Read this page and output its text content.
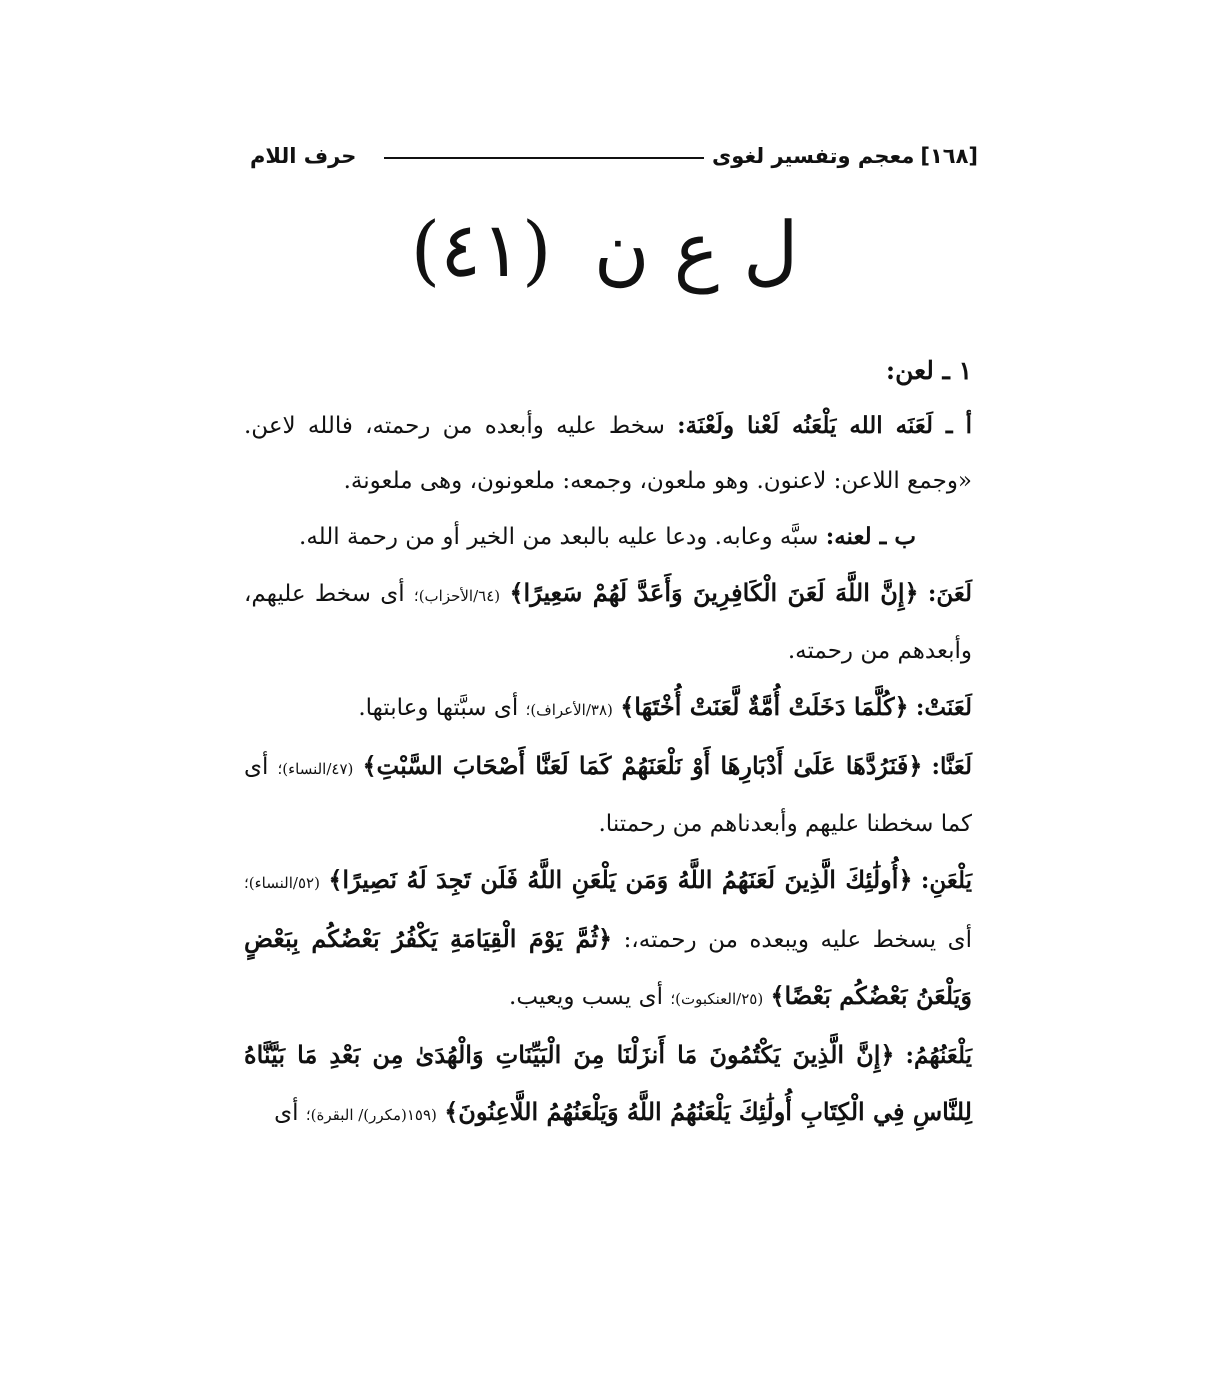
[١٦٨]
معجم وتفسير لغوى
حرف اللام
ل ع ن (٤١)

١ ـ لعن:

أ ـ لَعَنَه الله يَلْعَنُه لَعْنا ولَعْنَة: سخط عليه وأبعده من رحمته، فالله لاعن. «وجمع اللاعن: لاعنون. وهو ملعون، وجمعه: ملعونون، وهى ملعونة.

ب ـ لعنه: سبَّه وعابه. ودعا عليه بالبعد من الخير أو من رحمة الله.

لَعَنَ: ﴿إِنَّ اللَّهَ لَعَنَ الْكَافِرِينَ وَأَعَدَّ لَهُمْ سَعِيرًا﴾ (٦٤/الأحزاب)؛ أى سخط عليهم، وأبعدهم من رحمته.

لَعَنَتْ: ﴿كُلَّمَا دَخَلَتْ أُمَّةٌ لَّعَنَتْ أُخْتَهَا﴾ (٣٨/الأعراف)؛ أى سبَّتها وعابتها.

لَعَنَّا: ﴿فَنَرُدَّهَا عَلَىٰ أَدْبَارِهَا أَوْ نَلْعَنَهُمْ كَمَا لَعَنَّا أَصْحَابَ السَّبْتِ﴾ (٤٧/النساء)؛ أى كما سخطنا عليهم وأبعدناهم من رحمتنا.

يَلْعَنِ: ﴿أُولَٰئِكَ الَّذِينَ لَعَنَهُمُ اللَّهُ وَمَن يَلْعَنِ اللَّهُ فَلَن تَجِدَ لَهُ نَصِيرًا﴾ (٥٢/النساء)؛ أى يسخط عليه ويبعده من رحمته،: ﴿ثُمَّ يَوْمَ الْقِيَامَةِ يَكْفُرُ بَعْضُكُم بِبَعْضٍ وَيَلْعَنُ بَعْضُكُم بَعْضًا﴾ (٢٥/العنكبوت)؛ أى يسب ويعيب.

يَلْعَنُهُمُ: ﴿إِنَّ الَّذِينَ يَكْتُمُونَ مَا أَنزَلْنَا مِنَ الْبَيِّنَاتِ وَالْهُدَىٰ مِن بَعْدِ مَا بَيَّنَّاهُ لِلنَّاسِ فِي الْكِتَابِ أُولَٰئِكَ يَلْعَنُهُمُ اللَّهُ وَيَلْعَنُهُمُ اللَّاعِنُونَ﴾ (١٥٩(مكرر)/ البقرة)؛ أى
